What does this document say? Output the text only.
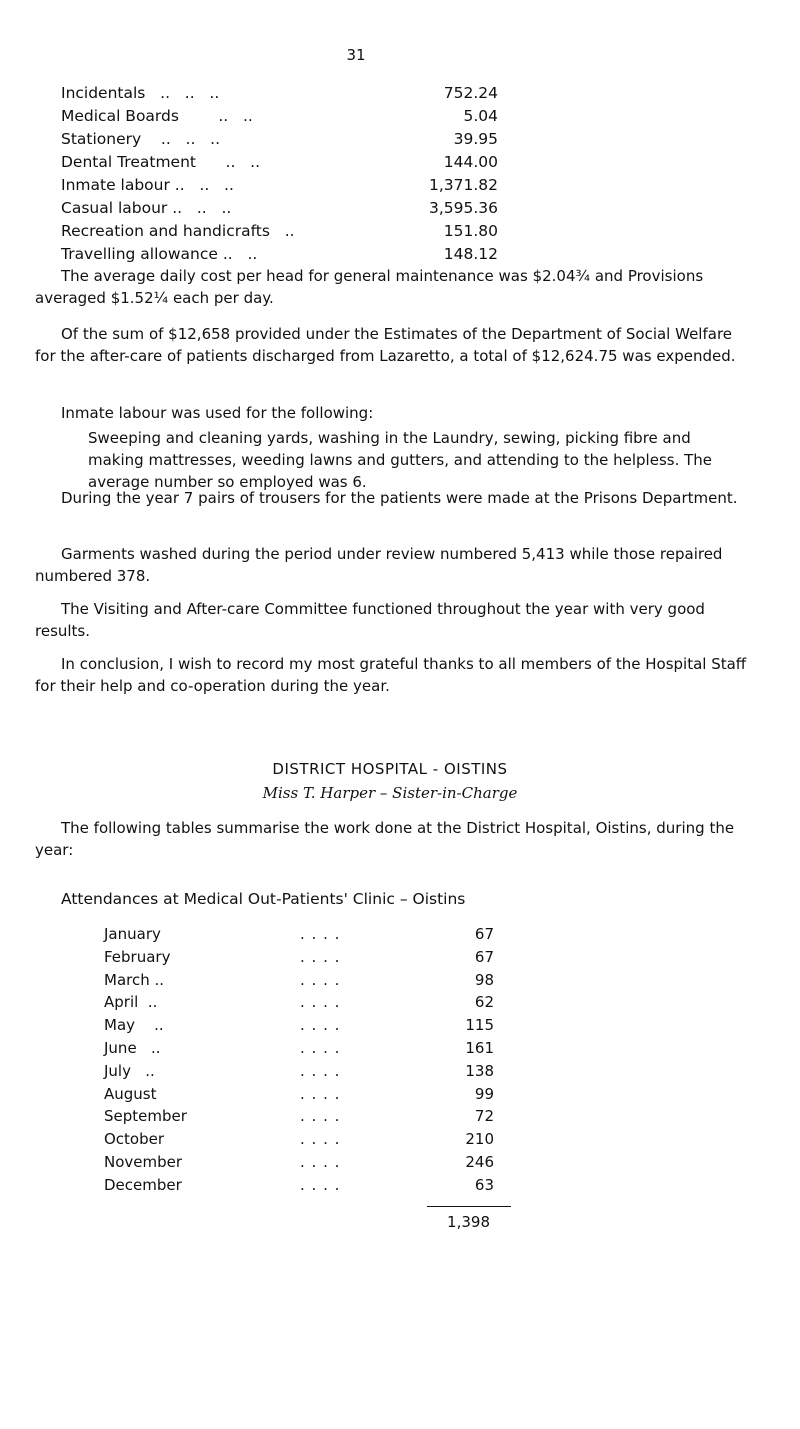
31
Incidentals   ..   ..   ..	752.24
Medical Boards        ..   ..	5.04
Stationery    ..   ..   ..	39.95
Dental Treatment      ..   ..	144.00
Inmate labour ..   ..   ..	1,371.82
Casual labour ..   ..   ..	3,595.36
Recreation and handicrafts   ..	151.80
Travelling allowance ..   ..	148.12

The average daily cost per head for general maintenance was $2.04¾ and Provisions averaged $1.52¼ each per day.

Of the sum of $12,658 provided under the Estimates of the Department of Social Welfare for the after-care of patients discharged from Lazaretto, a total of $12,624.75 was expended.

Inmate labour was used for the following:

Sweeping and cleaning yards, washing in the Laundry, sewing, picking fibre and making mattresses, weeding lawns and gutters, and attending to the helpless. The average number so employed was 6.

During the year 7 pairs of trousers for the patients were made at the Prisons Department.

Garments washed during the period under review numbered 5,413 while those repaired numbered 378.

The Visiting and After-care Committee functioned throughout the year with very good results.

In conclusion, I wish to record my most grateful thanks to all members of the Hospital Staff for their help and co-operation during the year.

DISTRICT HOSPITAL - OISTINS
Miss T. Harper – Sister-in-Charge

The following tables summarise the work done at the District Hospital, Oistins, during the year:

Attendances at Medical Out-Patients' Clinic – Oistins
January	. . . .	67
February	. . . .	67
March ..	. . . .	98
April  ..	. . . .	62
May    ..	. . . .	115
June   ..	. . . .	161
July   ..	. . . .	138
August	. . . .	99
September	. . . .	72
October	. . . .	210
November	. . . .	246
December	. . . .	63
1,398
